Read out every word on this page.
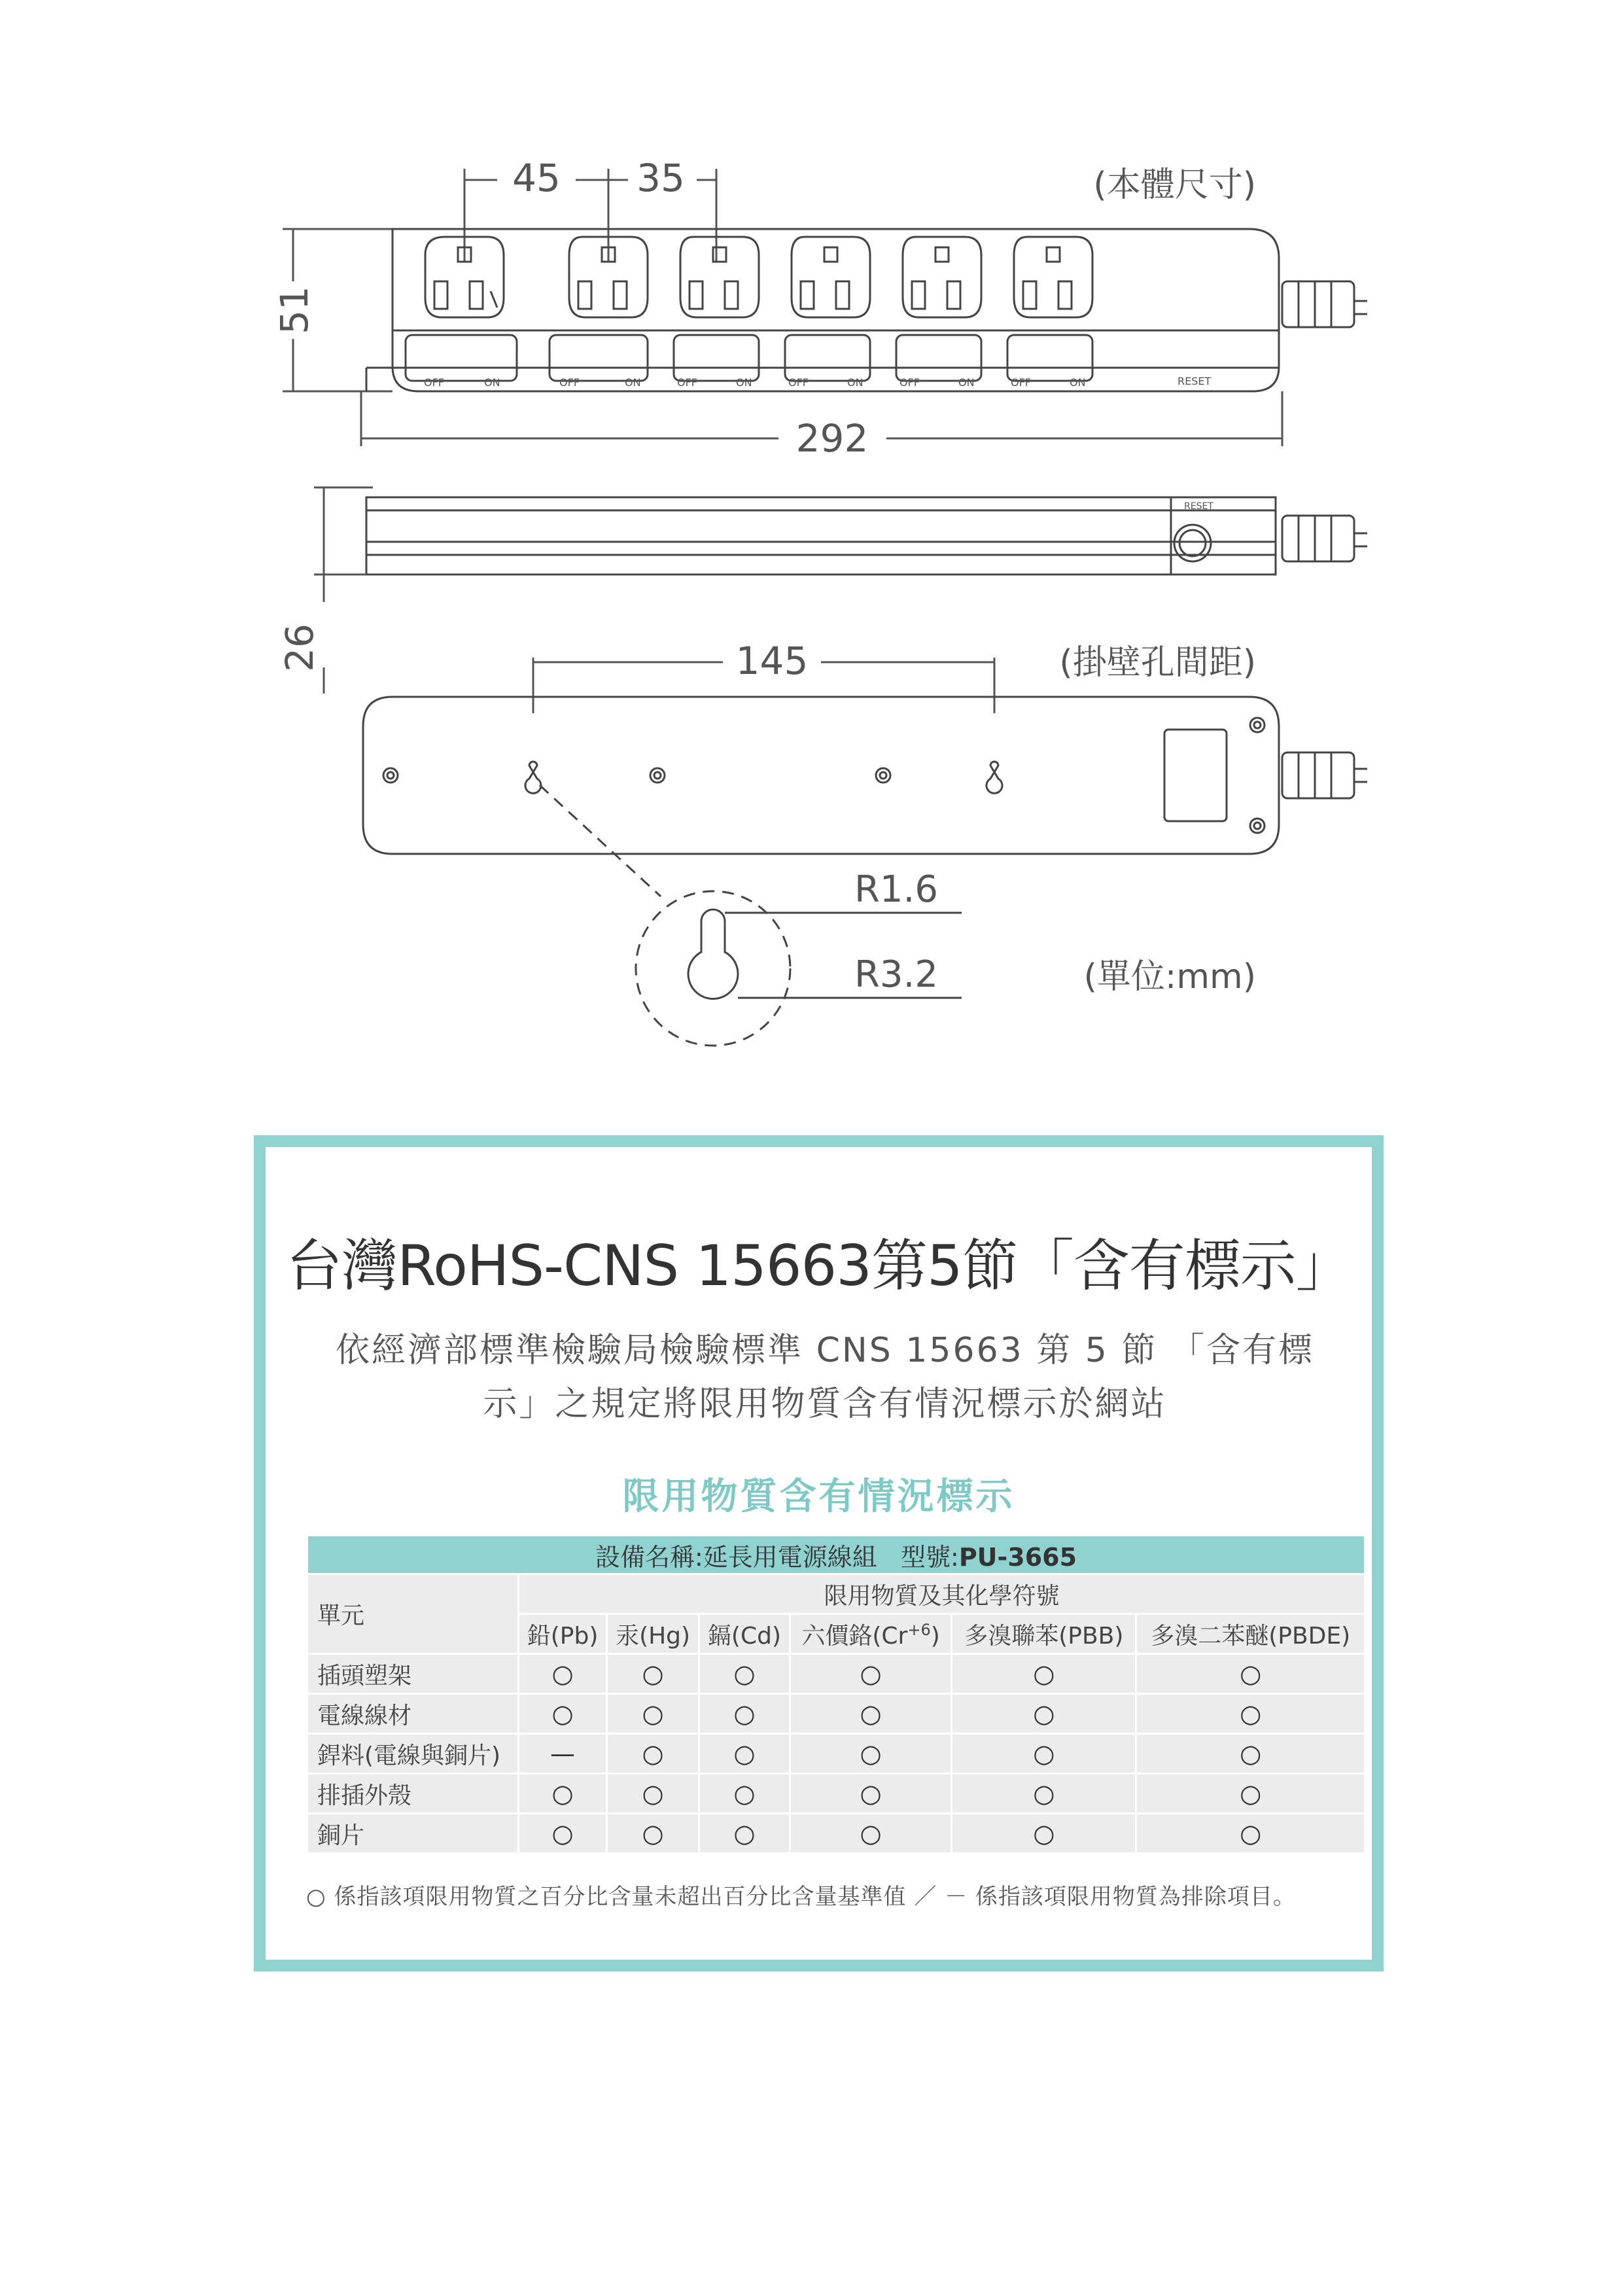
45 35	(本體尺寸)
51
OFF	ON	OFF	ON	OFF	ON	OFF	ON	OFF	ON	OFF	ON	RESET
292
RESET
26	145	(掛壁孔間距)
R1.6
R3.2	(單位:mm)
台灣RoHS-CNS 15663第5節「含有標示」
依經濟部標準檢驗局檢驗標準 CNS 15663 第 5 節 「含有標
示」之規定將限用物質含有情況標示於網站
限用物質含有情況標示
設備名稱:延長用電源線組 型號:PU-3665						
單元	限用物質及其化學符號					
	鉛(Pb)	汞(Hg)	鎘(Cd)	六價鉻$(Cr^{+6})$	多溴聯苯(PBB)	多溴二苯醚(PBDE)
插頭塑架	○	○	○	○	○	○
電線線材	○	○	○	○	○	○
銲料(電線與銅片)	—	○	○	○	○	○
排插外殼	○	○	○	○	○	○
銅片	○	○	○	○	○	○
○ 係指該項限用物質之百分比含量未超出百分比含量基準值 ／ － 係指該項限用物質為排除項目。
